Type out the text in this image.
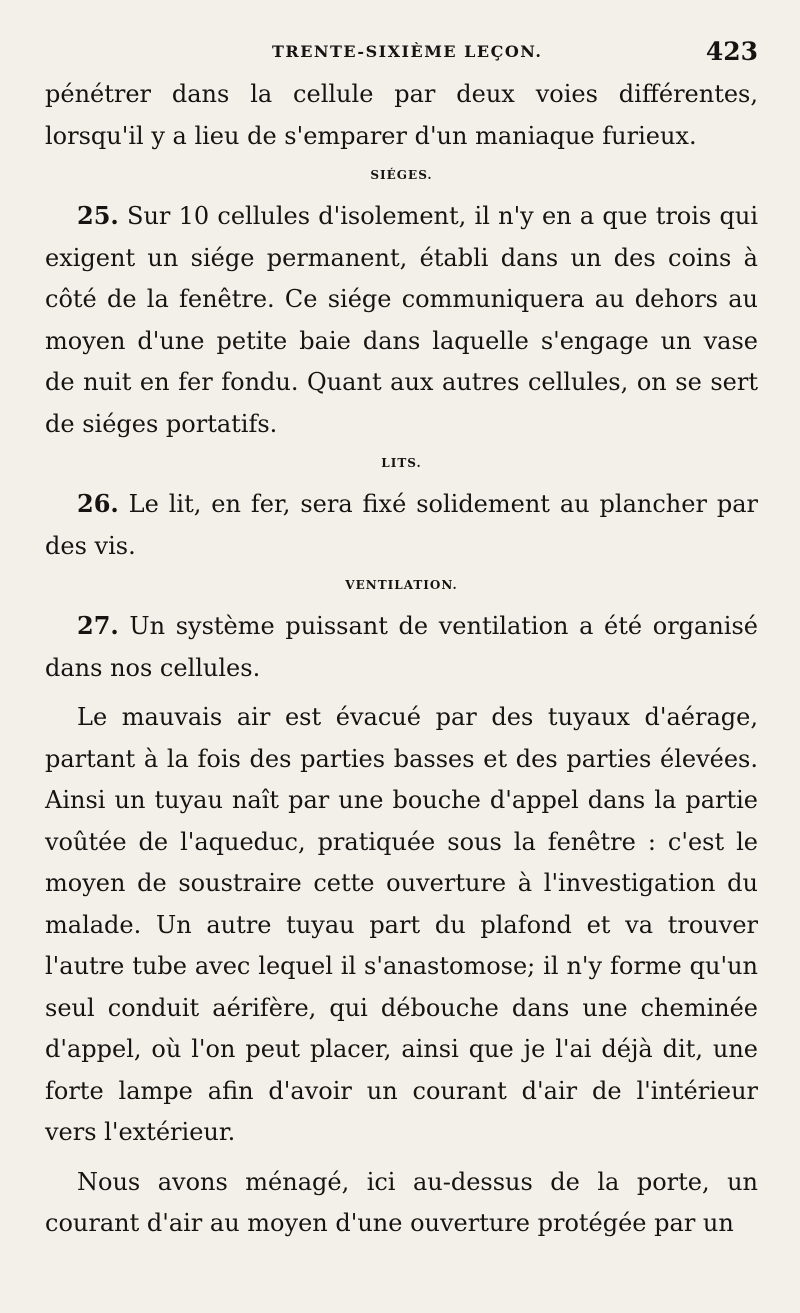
TRENTE-SIXIÈME LEÇON.	423

pénétrer dans la cellule par deux voies différentes, lorsqu'il y a lieu de s'emparer d'un maniaque furieux.

SIÉGES.

25. Sur 10 cellules d'isolement, il n'y en a que trois qui exigent un siége permanent, établi dans un des coins à côté de la fenêtre. Ce siége communiquera au dehors au moyen d'une petite baie dans laquelle s'engage un vase de nuit en fer fondu. Quant aux autres cellules, on se sert de siéges portatifs.

LITS.

26. Le lit, en fer, sera fixé solidement au plancher par des vis.

VENTILATION.

27. Un système puissant de ventilation a été organisé dans nos cellules.

Le mauvais air est évacué par des tuyaux d'aérage, partant à la fois des parties basses et des parties élevées. Ainsi un tuyau naît par une bouche d'appel dans la partie voûtée de l'aqueduc, pratiquée sous la fenêtre : c'est le moyen de soustraire cette ouverture à l'investigation du malade. Un autre tuyau part du plafond et va trouver l'autre tube avec lequel il s'anastomose; il n'y forme qu'un seul conduit aérifère, qui débouche dans une cheminée d'appel, où l'on peut placer, ainsi que je l'ai déjà dit, une forte lampe afin d'avoir un courant d'air de l'intérieur vers l'extérieur.

Nous avons ménagé, ici au-dessus de la porte, un courant d'air au moyen d'une ouverture protégée par un
